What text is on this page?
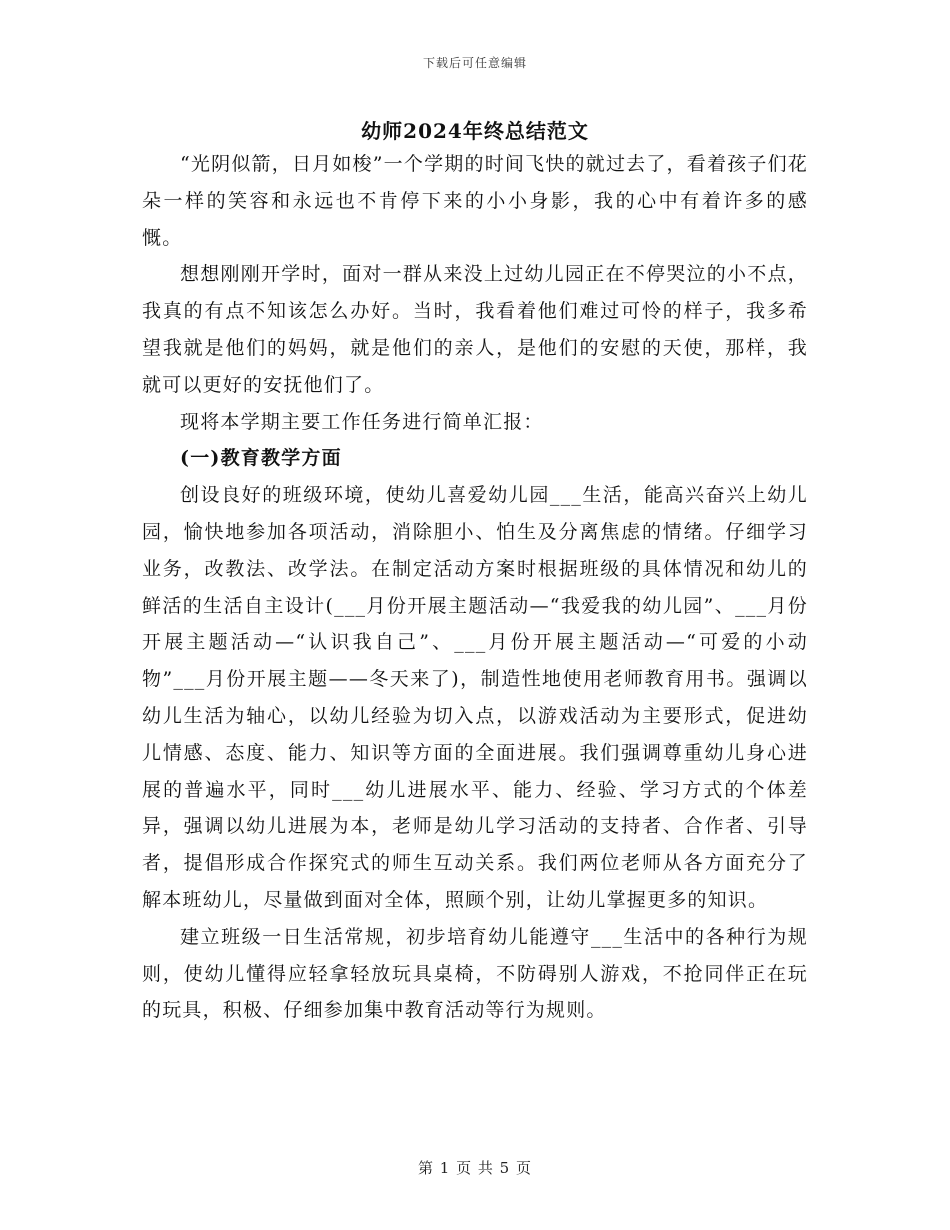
下载后可任意编辑
幼师2024年终总结范文

“光阴似箭，日月如梭”一个学期的时间飞快的就过去了，看着孩子们花朵一样的笑容和永远也不肯停下来的小小身影，我的心中有着许多的感慨。

想想刚刚开学时，面对一群从来没上过幼儿园正在不停哭泣的小不点，我真的有点不知该怎么办好。当时，我看着他们难过可怜的样子，我多希望我就是他们的妈妈，就是他们的亲人，是他们的安慰的天使，那样，我就可以更好的安抚他们了。

现将本学期主要工作任务进行简单汇报：

(一)教育教学方面

创设良好的班级环境，使幼儿喜爱幼儿园___生活，能高兴奋兴上幼儿园，愉快地参加各项活动，消除胆小、怕生及分离焦虑的情绪。仔细学习业务，改教法、改学法。在制定活动方案时根据班级的具体情况和幼儿的鲜活的生活自主设计(___月份开展主题活动—“我爱我的幼儿园”、___月份开展主题活动—“认识我自己”、___月份开展主题活动—“可爱的小动物”___月份开展主题——冬天来了)，制造性地使用老师教育用书。强调以幼儿生活为轴心，以幼儿经验为切入点，以游戏活动为主要形式，促进幼儿情感、态度、能力、知识等方面的全面进展。我们强调尊重幼儿身心进展的普遍水平，同时___幼儿进展水平、能力、经验、学习方式的个体差异，强调以幼儿进展为本，老师是幼儿学习活动的支持者、合作者、引导者，提倡形成合作探究式的师生互动关系。我们两位老师从各方面充分了解本班幼儿，尽量做到面对全体，照顾个别，让幼儿掌握更多的知识。

建立班级一日生活常规，初步培育幼儿能遵守___生活中的各种行为规则，使幼儿懂得应轻拿轻放玩具桌椅，不防碍别人游戏，不抢同伴正在玩的玩具，积极、仔细参加集中教育活动等行为规则。

第 1 页 共 5 页
